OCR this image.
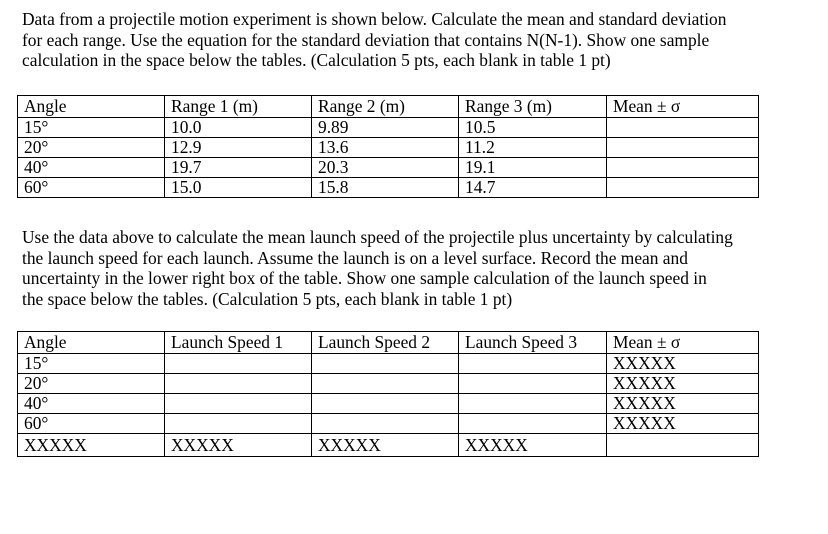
Data from a projectile motion experiment is shown below. Calculate the mean and standard deviation
for each range. Use the equation for the standard deviation that contains N(N-1). Show one sample
calculation in the space below the tables. (Calculation 5 pts, each blank in table 1 pt)
Angle	Range 1 (m)	Range 2 (m)	Range 3 (m)	Mean ± σ
15°	10.0	9.89	10.5	
20°	12.9	13.6	11.2	
40°	19.7	20.3	19.1	
60°	15.0	15.8	14.7	
Use the data above to calculate the mean launch speed of the projectile plus uncertainty by calculating
the launch speed for each launch. Assume the launch is on a level surface. Record the mean and
uncertainty in the lower right box of the table. Show one sample calculation of the launch speed in
the space below the tables. (Calculation 5 pts, each blank in table 1 pt)
Angle	Launch Speed 1	Launch Speed 2	Launch Speed 3	Mean ± σ
15°				XXXXX
20°				XXXXX
40°				XXXXX
60°				XXXXX
XXXXX	XXXXX	XXXXX	XXXXX	
